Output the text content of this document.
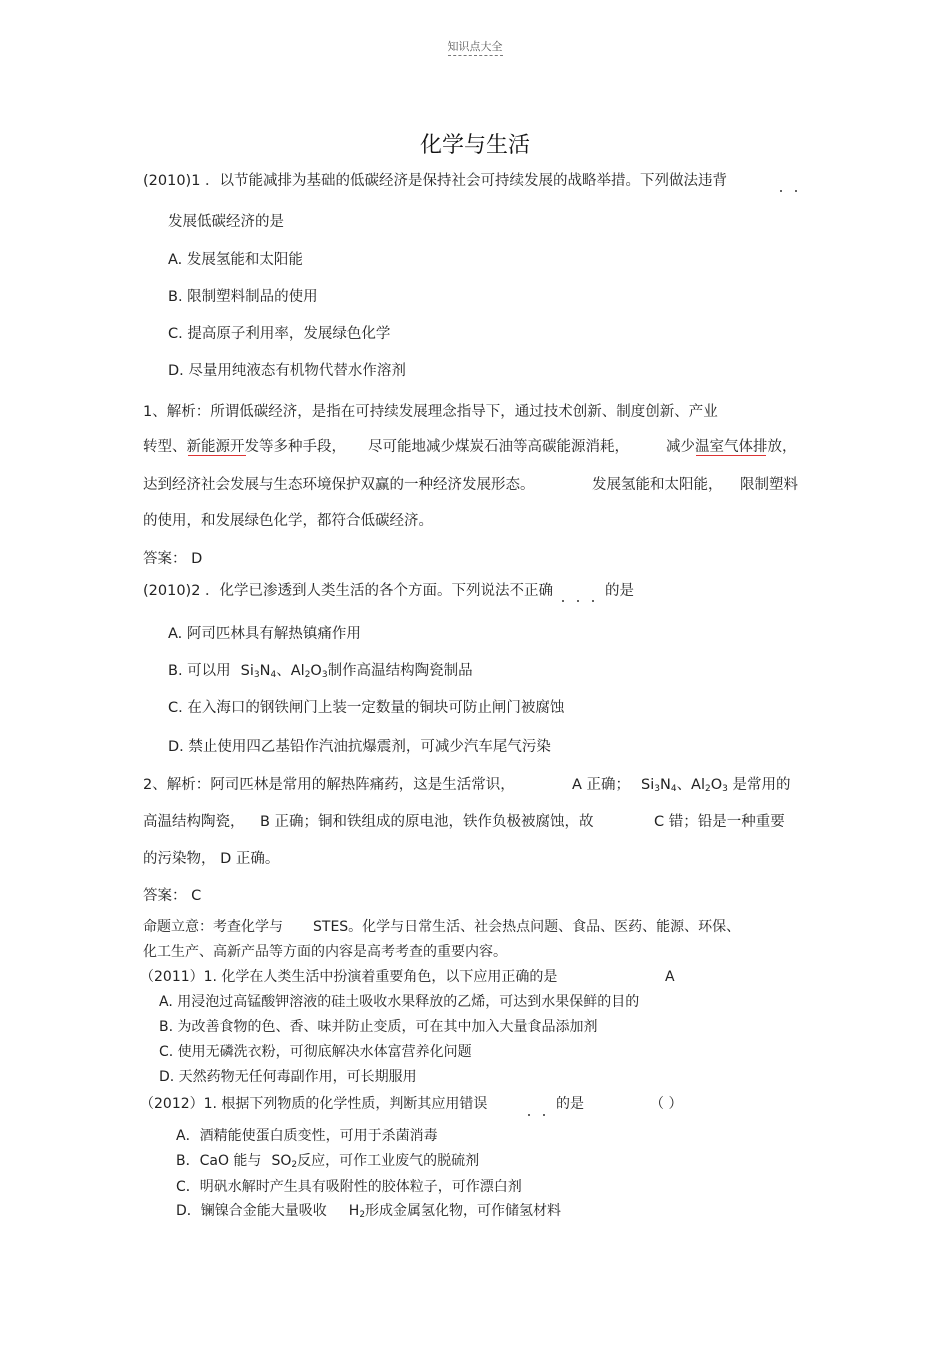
知识点大全
化学与生活
(2010)1 ．以节能减排为基础的低碳经济是保持社会可持续发展的战略举措。下列做法违背
发展低碳经济的是
A. 发展氢能和太阳能
B. 限制塑料制品的使用
C. 提高原子利用率，发展绿色化学
D. 尽量用纯液态有机物代替水作溶剂
1、解析：所谓低碳经济，是指在可持续发展理念指导下，通过技术创新、制度创新、产业
转型、新能源开发等多种手段， 尽可能地减少煤炭石油等高碳能源消耗，	减少温室气体排放，
达到经济社会发展与生态环境保护双赢的一种经济发展形态。	发展氢能和太阳能， 限制塑料
的使用，和发展绿色化学，都符合低碳经济。
答案： D
(2010)2 ．化学已渗透到人类生活的各个方面。下列说法不正确	的是
A. 阿司匹林具有解热镇痛作用
B. 可以用 $Si_3N_4$、$Al_2O_3$制作高温结构陶瓷制品
C. 在入海口的钢铁闸门上装一定数量的铜块可防止闸门被腐蚀
D. 禁止使用四乙基铅作汽油抗爆震剂，可减少汽车尾气污染
2、解析：阿司匹林是常用的解热阵痛药，这是生活常识，	A 正确； $Si_3N_4$、$Al_2O_3$ 是常用的
高温结构陶瓷， B 正确；铜和铁组成的原电池，铁作负极被腐蚀，故	C 错；铅是一种重要
的污染物， D 正确。
答案： C
命题立意：考查化学与 STES。化学与日常生活、社会热点问题、食品、医药、能源、环保、
化工生产、高新产品等方面的内容是高考考查的重要内容。
（2011）1. 化学在人类生活中扮演着重要角色，以下应用正确的是	A
A. 用浸泡过高锰酸钾溶液的硅土吸收水果释放的乙烯，可达到水果保鲜的目的
B. 为改善食物的色、香、味并防止变质，可在其中加入大量食品添加剂
C. 使用无磷洗衣粉，可彻底解决水体富营养化问题
D. 天然药物无任何毒副作用，可长期服用
（2012）1. 根据下列物质的化学性质，判断其应用错误	的是	（ ）
A．酒精能使蛋白质变性，可用于杀菌消毒
B．CaO 能与 $SO_2$反应，可作工业废气的脱硫剂
C．明矾水解时产生具有吸附性的胶体粒子，可作漂白剂
D．镧镍合金能大量吸收 $H_2$形成金属氢化物，可作储氢材料
